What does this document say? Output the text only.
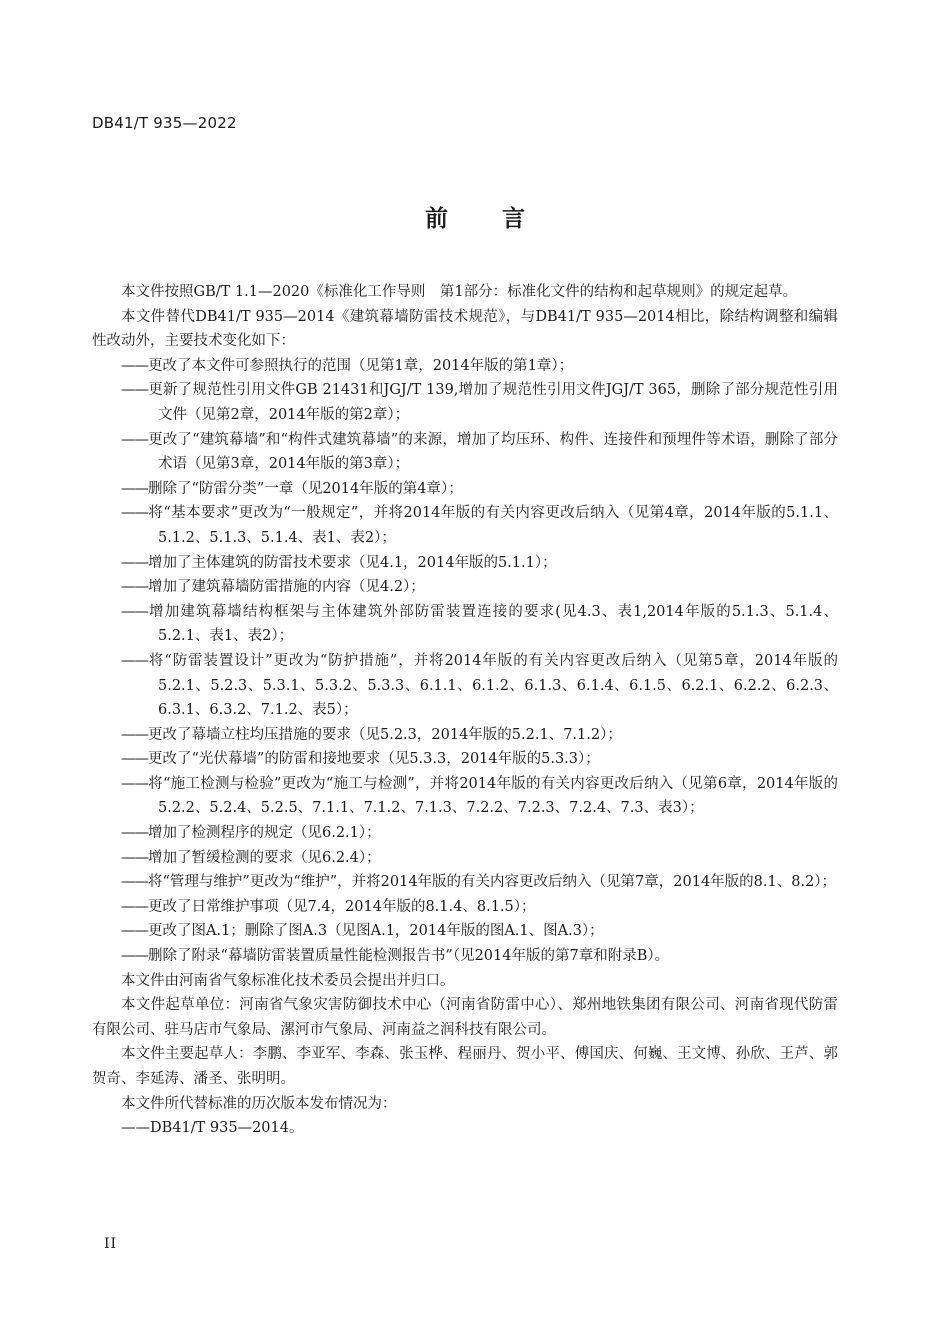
DB41/T 935—2022
前言

本文件按照GB/T 1.1—2020《标准化工作导则　第1部分：标准化文件的结构和起草规则》的规定起草。

本文件替代DB41/T 935—2014《建筑幕墙防雷技术规范》，与DB41/T 935—2014相比，除结构调整和编辑性改动外，主要技术变化如下：

——更改了本文件可参照执行的范围（见第1章，2014年版的第1章）；

——更新了规范性引用文件GB 21431和JGJ/T 139,增加了规范性引用文件JGJ/T 365，删除了部分规范性引用文件（见第2章，2014年版的第2章）；

——更改了“建筑幕墙”和“构件式建筑幕墙”的来源，增加了均压环、构件、连接件和预埋件等术语，删除了部分术语（见第3章，2014年版的第3章）；

——删除了“防雷分类”一章（见2014年版的第4章）；

——将“基本要求”更改为“一般规定”，并将2014年版的有关内容更改后纳入（见第4章，2014年版的5.1.1、5.1.2、5.1.3、5.1.4、表1、表2）；

——增加了主体建筑的防雷技术要求（见4.1，2014年版的5.1.1）；

——增加了建筑幕墙防雷措施的内容（见4.2）；

——增加建筑幕墙结构框架与主体建筑外部防雷装置连接的要求(见4.3、表1,2014年版的5.1.3、5.1.4、5.2.1、表1、表2）；

——将“防雷装置设计”更改为“防护措施”，并将2014年版的有关内容更改后纳入（见第5章，2014年版的5.2.1、5.2.3、5.3.1、5.3.2、5.3.3、6.1.1、6.1.2、6.1.3、6.1.4、6.1.5、6.2.1、6.2.2、6.2.3、6.3.1、6.3.2、7.1.2、表5）；

——更改了幕墙立柱均压措施的要求（见5.2.3，2014年版的5.2.1、7.1.2）；

——更改了“光伏幕墙”的防雷和接地要求（见5.3.3，2014年版的5.3.3）；

——将“施工检测与检验”更改为“施工与检测”，并将2014年版的有关内容更改后纳入（见第6章，2014年版的5.2.2、5.2.4、5.2.5、7.1.1、7.1.2、7.1.3、7.2.2、7.2.3、7.2.4、7.3、表3）；

——增加了检测程序的规定（见6.2.1）；

——增加了暂缓检测的要求（见6.2.4）；

——将“管理与维护”更改为“维护”，并将2014年版的有关内容更改后纳入（见第7章，2014年版的8.1、8.2）；

——更改了日常维护事项（见7.4，2014年版的8.1.4、8.1.5）；

——更改了图A.1；删除了图A.3（见图A.1，2014年版的图A.1、图A.3）；

——删除了附录“幕墙防雷装置质量性能检测报告书”（见2014年版的第7章和附录B）。

本文件由河南省气象标准化技术委员会提出并归口。

本文件起草单位：河南省气象灾害防御技术中心（河南省防雷中心）、郑州地铁集团有限公司、河南省现代防雷有限公司、驻马店市气象局、漯河市气象局、河南益之润科技有限公司。

本文件主要起草人：李鹏、李亚军、李森、张玉桦、程丽丹、贺小平、傅国庆、何巍、王文博、孙欣、王芦、郭贺奇、李延涛、潘圣、张明明。

本文件所代替标准的历次版本发布情况为：

——DB41/T 935—2014。

II
